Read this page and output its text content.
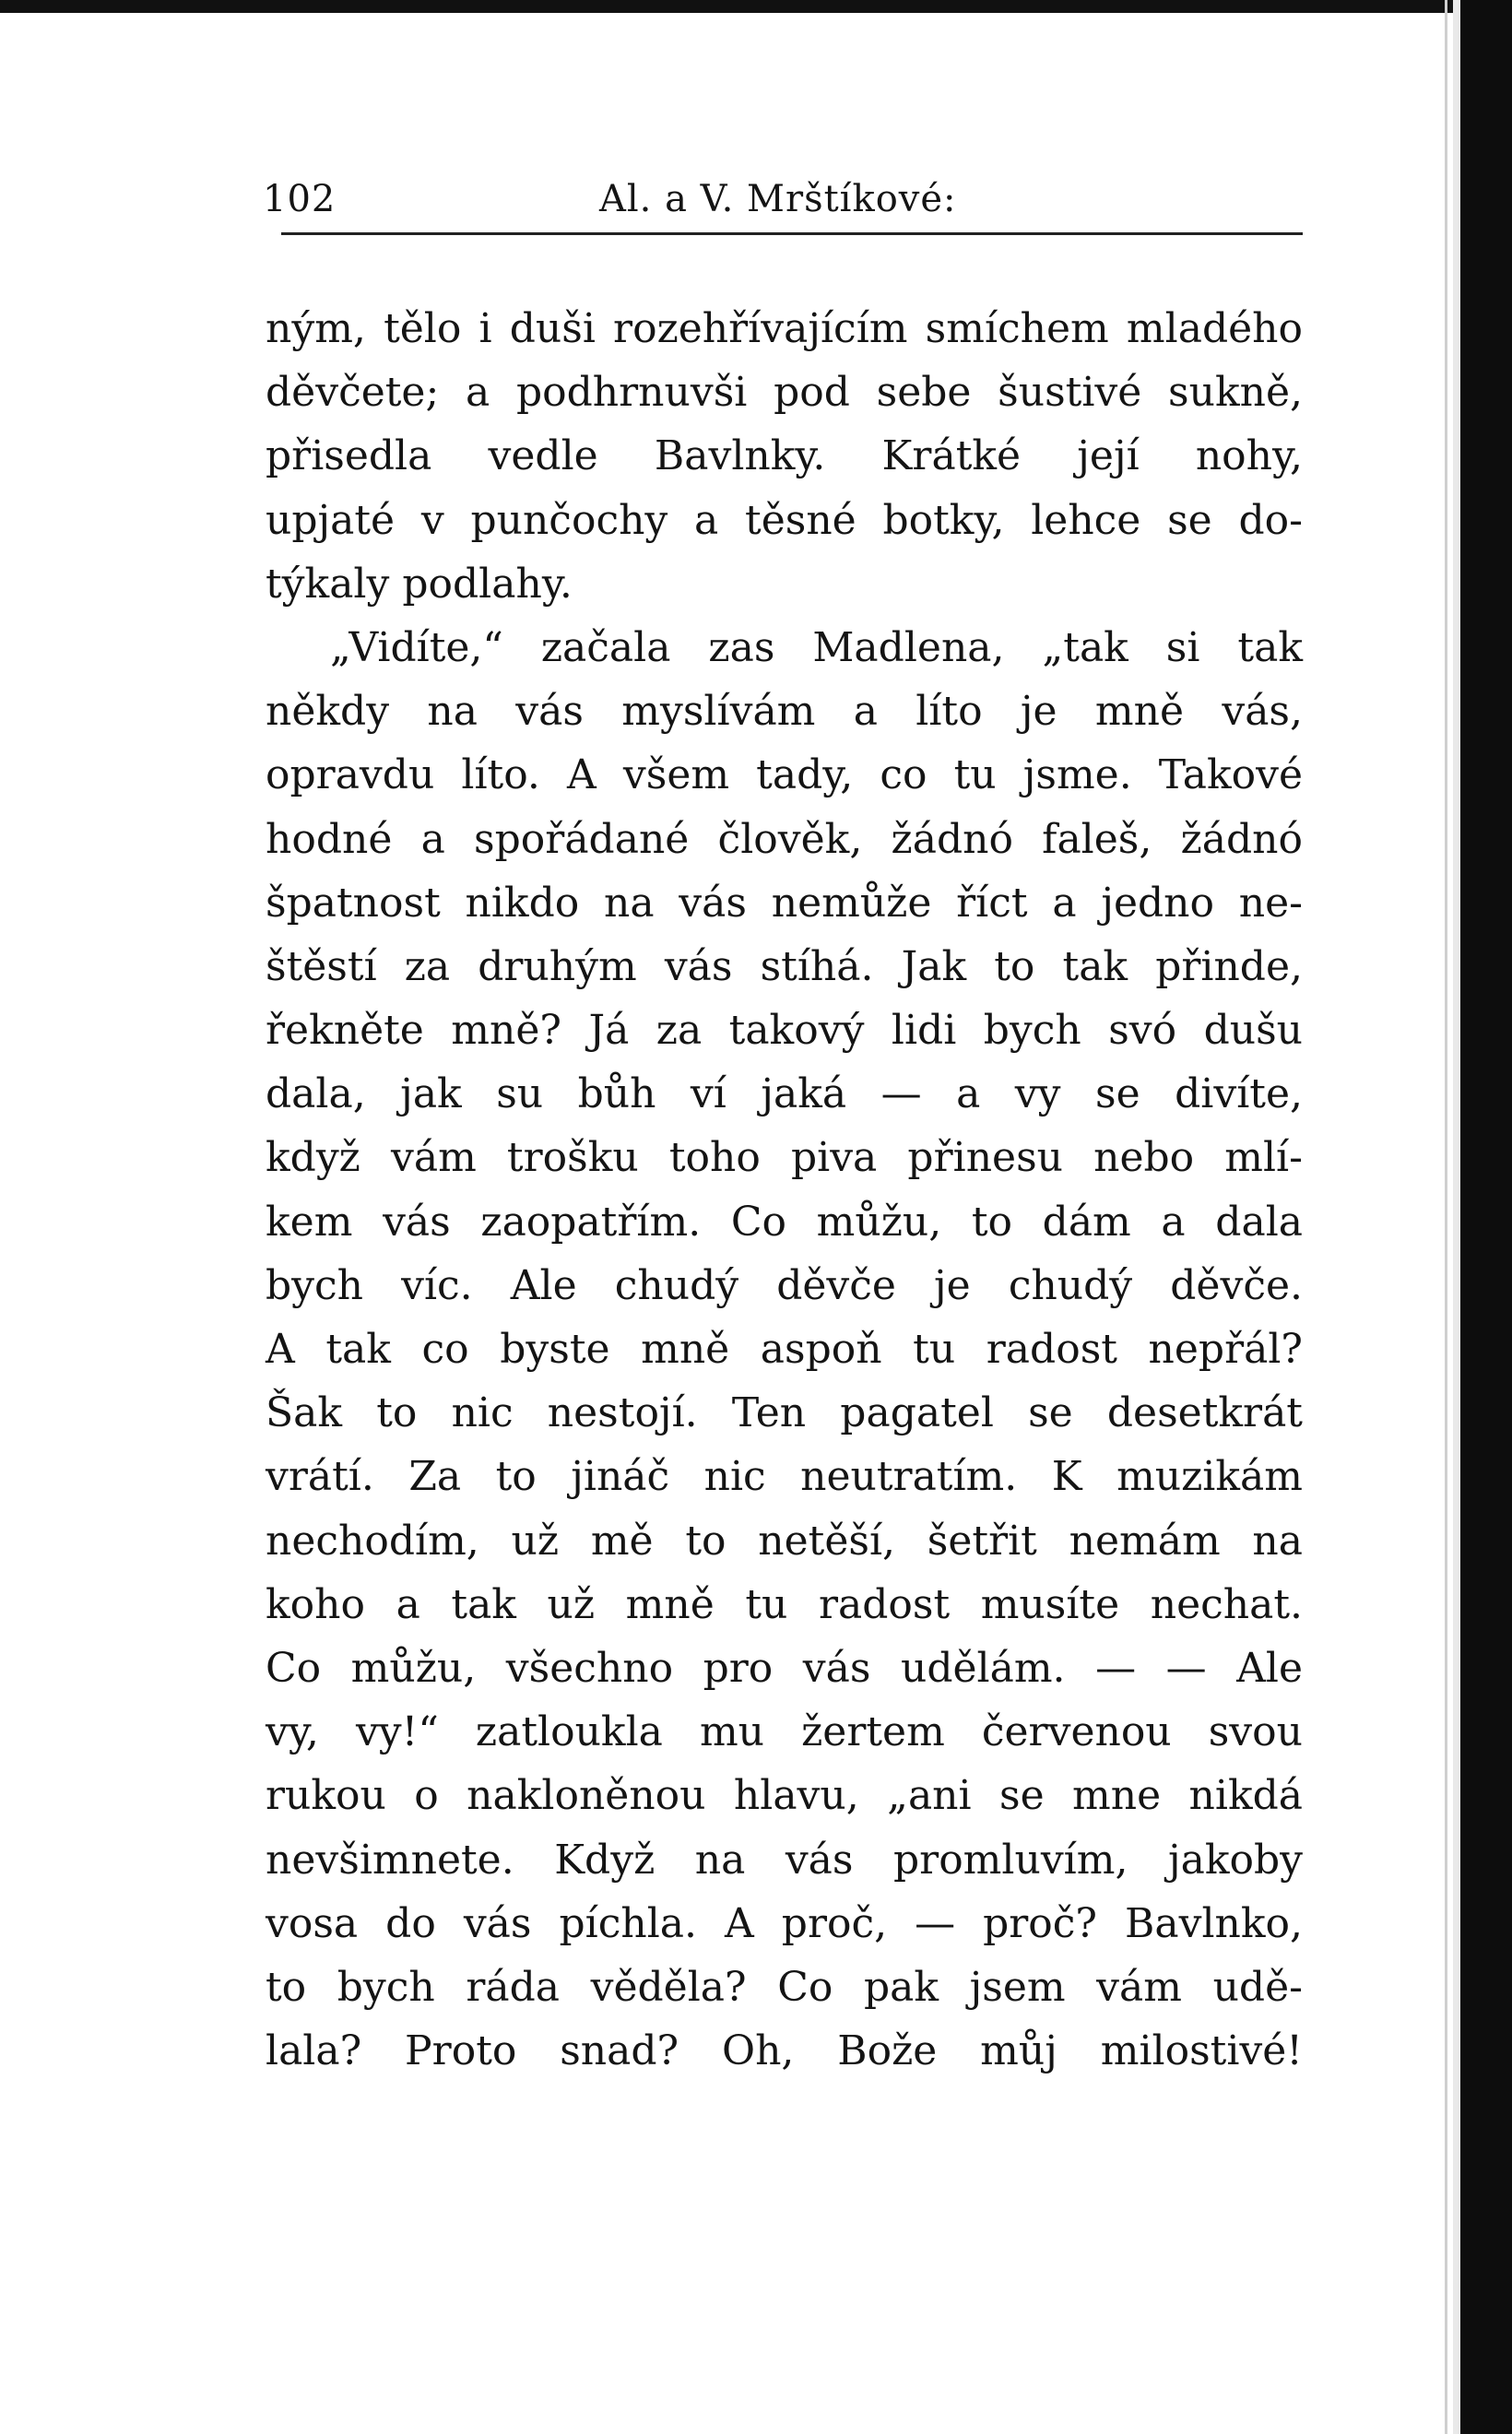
102	Al. a V. Mrštíkové:
ným, tělo i duši rozehřívajícím smíchem mladého
děvčete; a podhrnuvši pod sebe šustivé sukně,
přisedla vedle Bavlnky. Krátké její nohy,
upjaté v punčochy a těsné botky, lehce se do-
týkaly podlahy.
„Vidíte,“ začala zas Madlena, „tak si tak
někdy na vás myslívám a líto je mně vás,
opravdu líto. A všem tady, co tu jsme. Takové
hodné a spořádané člověk, žádnó faleš, žádnó
špatnost nikdo na vás nemůže říct a jedno ne-
štěstí za druhým vás stíhá. Jak to tak přinde,
řekněte mně? Já za takový lidi bych svó dušu
dala, jak su bůh ví jaká — a vy se divíte,
když vám trošku toho piva přinesu nebo mlí-
kem vás zaopatřím. Co můžu, to dám a dala
bych víc. Ale chudý děvče je chudý děvče.
A tak co byste mně aspoň tu radost nepřál?
Šak to nic nestojí. Ten pagatel se desetkrát
vrátí. Za to jináč nic neutratím. K muzikám
nechodím, už mě to netěší, šetřit nemám na
koho a tak už mně tu radost musíte nechat.
Co můžu, všechno pro vás udělám. — — Ale
vy, vy!“ zatloukla mu žertem červenou svou
rukou o nakloněnou hlavu, „ani se mne nikdá
nevšimnete. Když na vás promluvím, jakoby
vosa do vás píchla. A proč, — proč? Bavlnko,
to bych ráda věděla? Co pak jsem vám udě-
lala? Proto snad? Oh, Bože můj milostivé!
